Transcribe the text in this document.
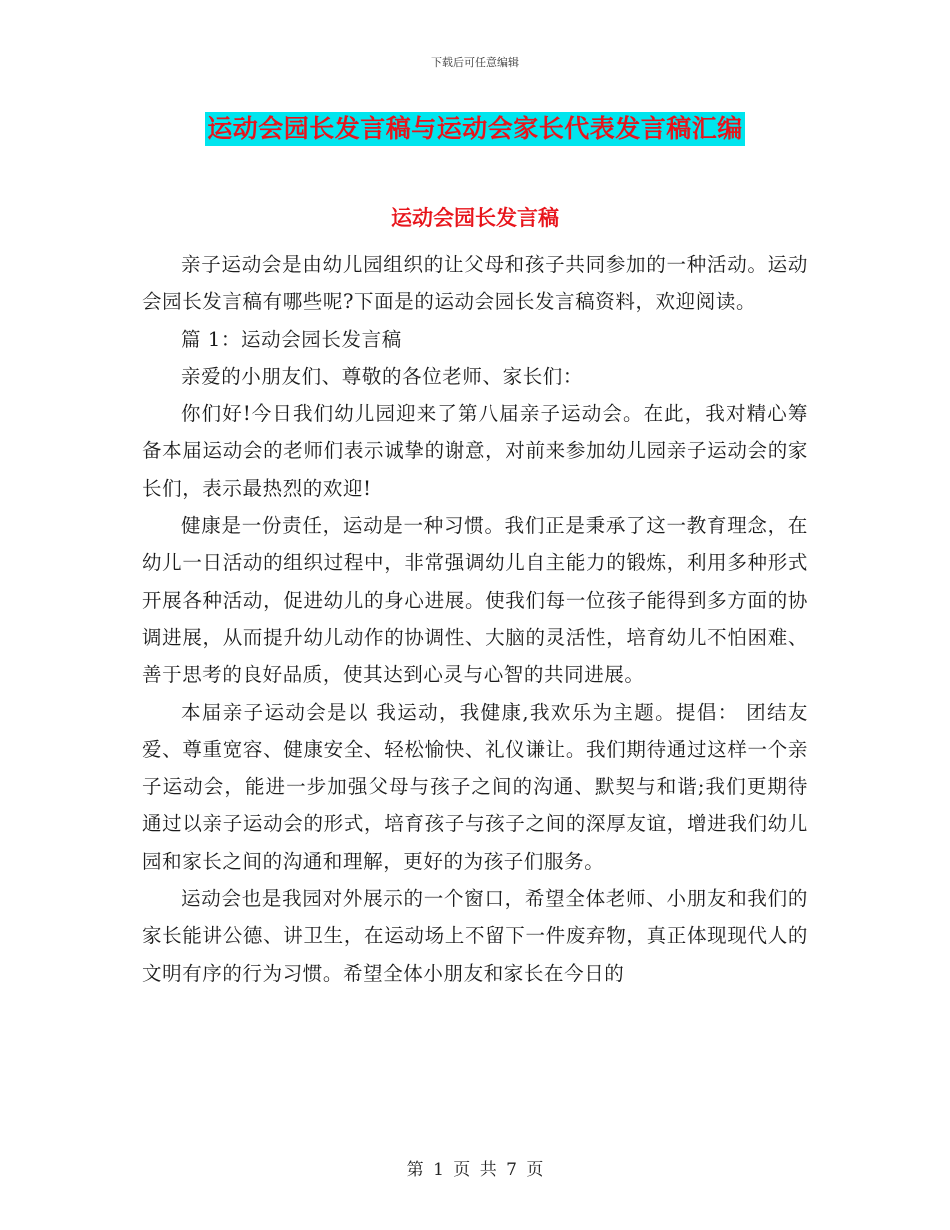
下载后可任意编辑
运动会园长发言稿与运动会家长代表发言稿汇编
运动会园长发言稿

亲子运动会是由幼儿园组织的让父母和孩子共同参加的一种活动。运动会园长发言稿有哪些呢?下面是的运动会园长发言稿资料，欢迎阅读。

篇 1：运动会园长发言稿

亲爱的小朋友们、尊敬的各位老师、家长们：

你们好!今日我们幼儿园迎来了第八届亲子运动会。在此，我对精心筹备本届运动会的老师们表示诚挚的谢意，对前来参加幼儿园亲子运动会的家长们，表示最热烈的欢迎!

健康是一份责任，运动是一种习惯。我们正是秉承了这一教育理念，在幼儿一日活动的组织过程中，非常强调幼儿自主能力的锻炼，利用多种形式开展各种活动，促进幼儿的身心进展。使我们每一位孩子能得到多方面的协调进展，从而提升幼儿动作的协调性、大脑的灵活性，培育幼儿不怕困难、善于思考的良好品质，使其达到心灵与心智的共同进展。

本届亲子运动会是以 我运动，我健康,我欢乐为主题。提倡： 团结友爱、尊重宽容、健康安全、轻松愉快、礼仪谦让。我们期待通过这样一个亲子运动会，能进一步加强父母与孩子之间的沟通、默契与和谐;我们更期待通过以亲子运动会的形式，培育孩子与孩子之间的深厚友谊，增进我们幼儿园和家长之间的沟通和理解，更好的为孩子们服务。

运动会也是我园对外展示的一个窗口，希望全体老师、小朋友和我们的家长能讲公德、讲卫生，在运动场上不留下一件废弃物，真正体现现代人的文明有序的行为习惯。希望全体小朋友和家长在今日的

第 1 页 共 7 页
